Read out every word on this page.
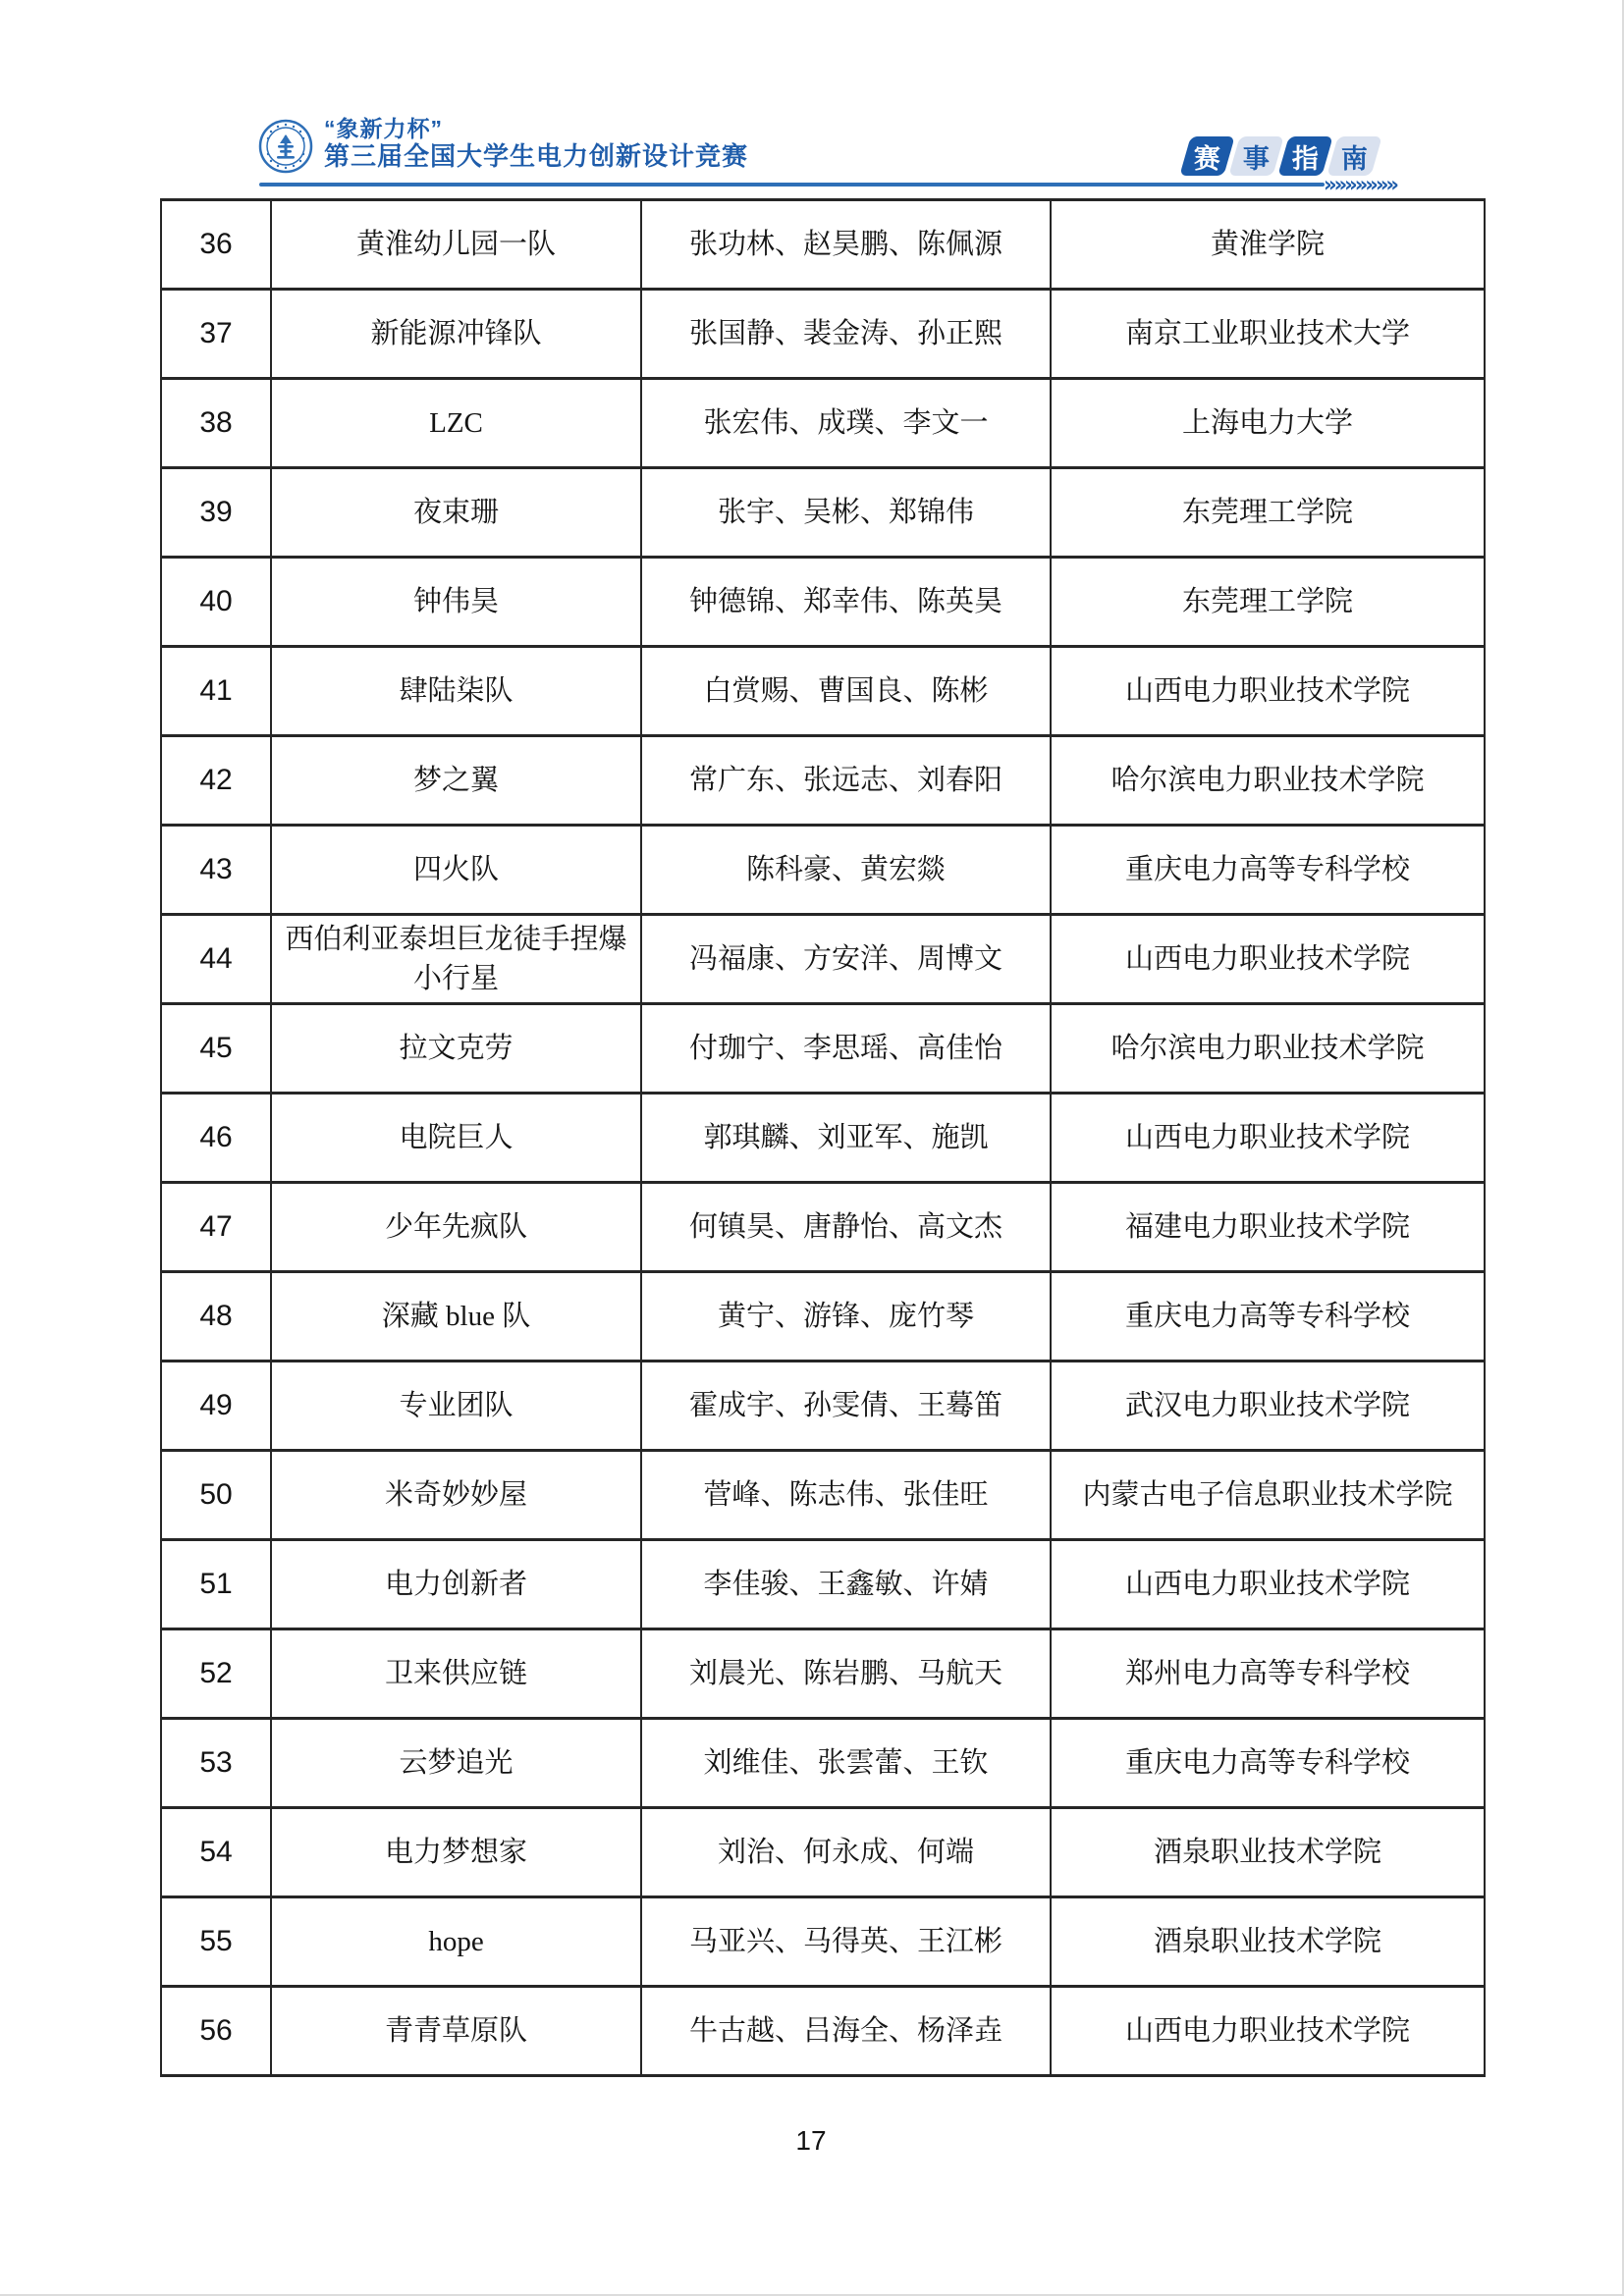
“象新力杯”
第三届全国大学生电力创新设计竞赛	赛 事 指 南
»»»»»»»
36	黄淮幼儿园一队	张功林、赵昊鹏、陈佩源	黄淮学院
37	新能源冲锋队	张国静、裴金涛、孙正熙	南京工业职业技术大学
38	LZC	张宏伟、成璞、李文一	上海电力大学
39	夜束珊	张宇、吴彬、郑锦伟	东莞理工学院
40	钟伟昊	钟德锦、郑幸伟、陈英昊	东莞理工学院
41	肆陆柒队	白赏赐、曹国良、陈彬	山西电力职业技术学院
42	梦之翼	常广东、张远志、刘春阳	哈尔滨电力职业技术学院
43	四火队	陈科豪、黄宏燚	重庆电力高等专科学校
44	西伯利亚泰坦巨龙徒手捏爆小行星	冯福康、方安洋、周博文	山西电力职业技术学院
45	拉文克劳	付珈宁、李思瑶、高佳怡	哈尔滨电力职业技术学院
46	电院巨人	郭琪麟、刘亚军、施凯	山西电力职业技术学院
47	少年先疯队	何镇昊、唐静怡、高文杰	福建电力职业技术学院
48	深藏 blue 队	黄宁、游锋、庞竹琴	重庆电力高等专科学校
49	专业团队	霍成宇、孙雯倩、王蓦笛	武汉电力职业技术学院
50	米奇妙妙屋	菅峰、陈志伟、张佳旺	内蒙古电子信息职业技术学院
51	电力创新者	李佳骏、王鑫敏、许婧	山西电力职业技术学院
52	卫来供应链	刘晨光、陈岩鹏、马航天	郑州电力高等专科学校
53	云梦追光	刘维佳、张雲蕾、王钦	重庆电力高等专科学校
54	电力梦想家	刘治、何永成、何端	酒泉职业技术学院
55	hope	马亚兴、马得英、王江彬	酒泉职业技术学院
56	青青草原队	牛古越、吕海全、杨泽垚	山西电力职业技术学院
17
